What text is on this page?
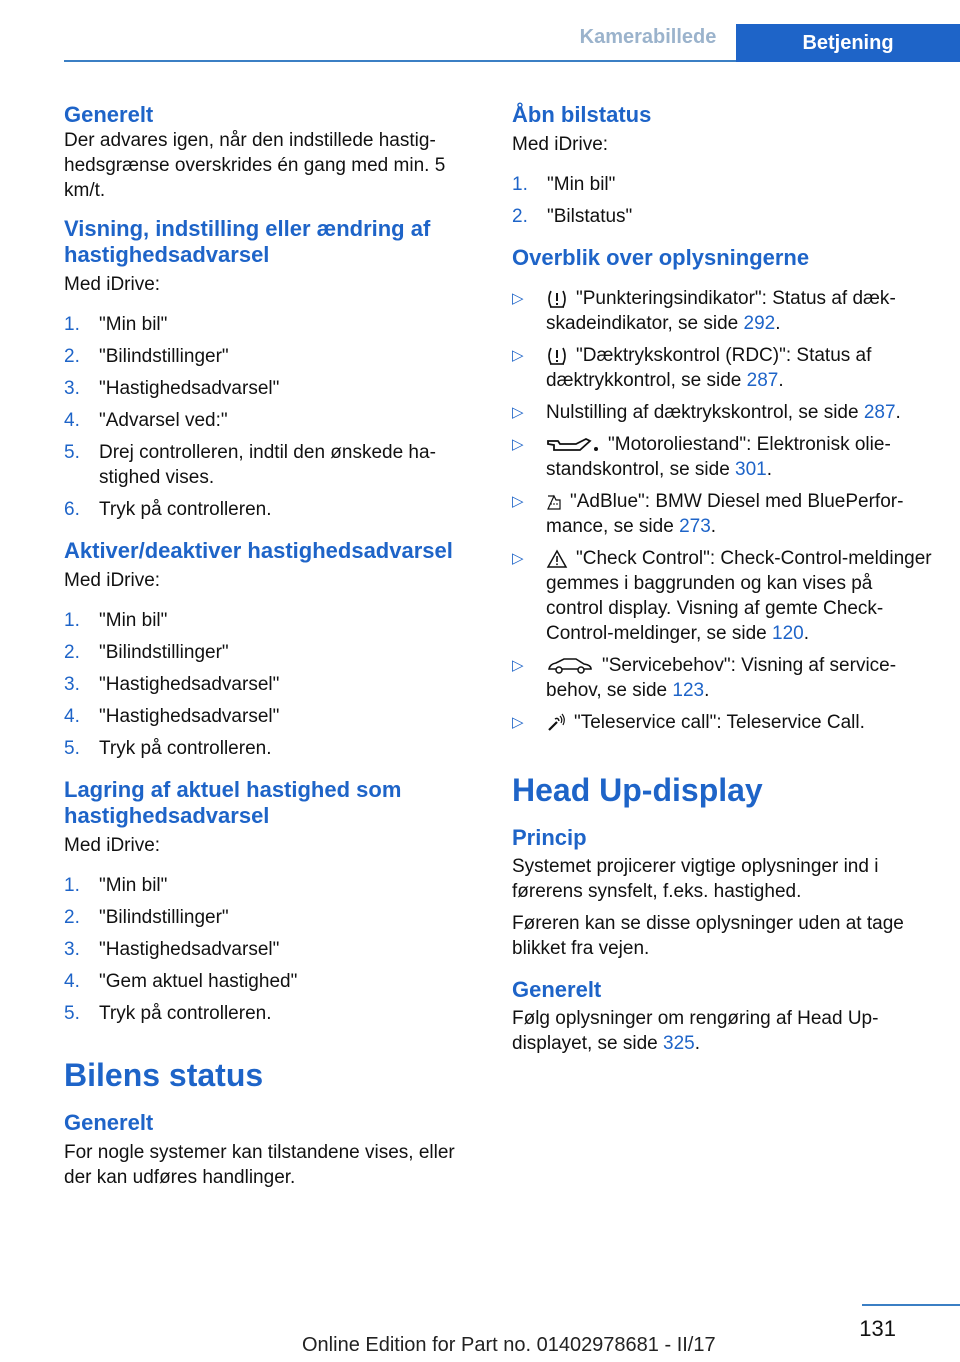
Kamerabillede	Betjening
Generelt

Der advares igen, når den indstillede hastighedsgrænse overskrides én gang med min. 5 km/t.

Visning, indstilling eller ændring af hastighedsadvarsel

Med iDrive:

1. "Min bil"
2. "Bilindstillinger"
3. "Hastighedsadvarsel"
4. "Advarsel ved:"
5. Drej controlleren, indtil den ønskede hastighed vises.
6. Tryk på controlleren.
Aktiver/deaktiver hastighedsadvarsel

Med iDrive:

1. "Min bil"
2. "Bilindstillinger"
3. "Hastighedsadvarsel"
4. "Hastighedsadvarsel"
5. Tryk på controlleren.
Lagring af aktuel hastighed som hastighedsadvarsel

Med iDrive:

1. "Min bil"
2. "Bilindstillinger"
3. "Hastighedsadvarsel"
4. "Gem aktuel hastighed"
5. Tryk på controlleren.
Bilens status
Generelt

For nogle systemer kan tilstandene vises, eller der kan udføres handlinger.

Åbn bilstatus

Med iDrive:

1. "Min bil"
2. "Bilstatus"
Overblik over oplysningerne
▷	"Punkteringsindikator": Status af dækskadeindikator, se side 292.
▷	"Dæktrykskontrol (RDC)": Status af dæktrykkontrol, se side 287.
▷ Nulstilling af dæktrykskontrol, se side 287.
▷	"Motoroliestand": Elektronisk oliestandskontrol, se side 301.
▷ "AdBlue": BMW Diesel med BluePerformance, se side 273.
▷	"Check Control": Check-Control-meldinger gemmes i baggrunden og kan vises på control display. Visning af gemte Check-Control-meldinger, se side 120.
▷	"Servicebehov": Visning af servicebehov, se side 123.
▷	"Teleservice call": Teleservice Call.
Head Up-display
Princip

Systemet projicerer vigtige oplysninger ind i førerens synsfelt, f.eks. hastighed.

Føreren kan se disse oplysninger uden at tage blikket fra vejen.

Generelt

Følg oplysninger om rengøring af Head Up-displayet, se side 325.

131
Online Edition for Part no. 01402978681 - II/17
